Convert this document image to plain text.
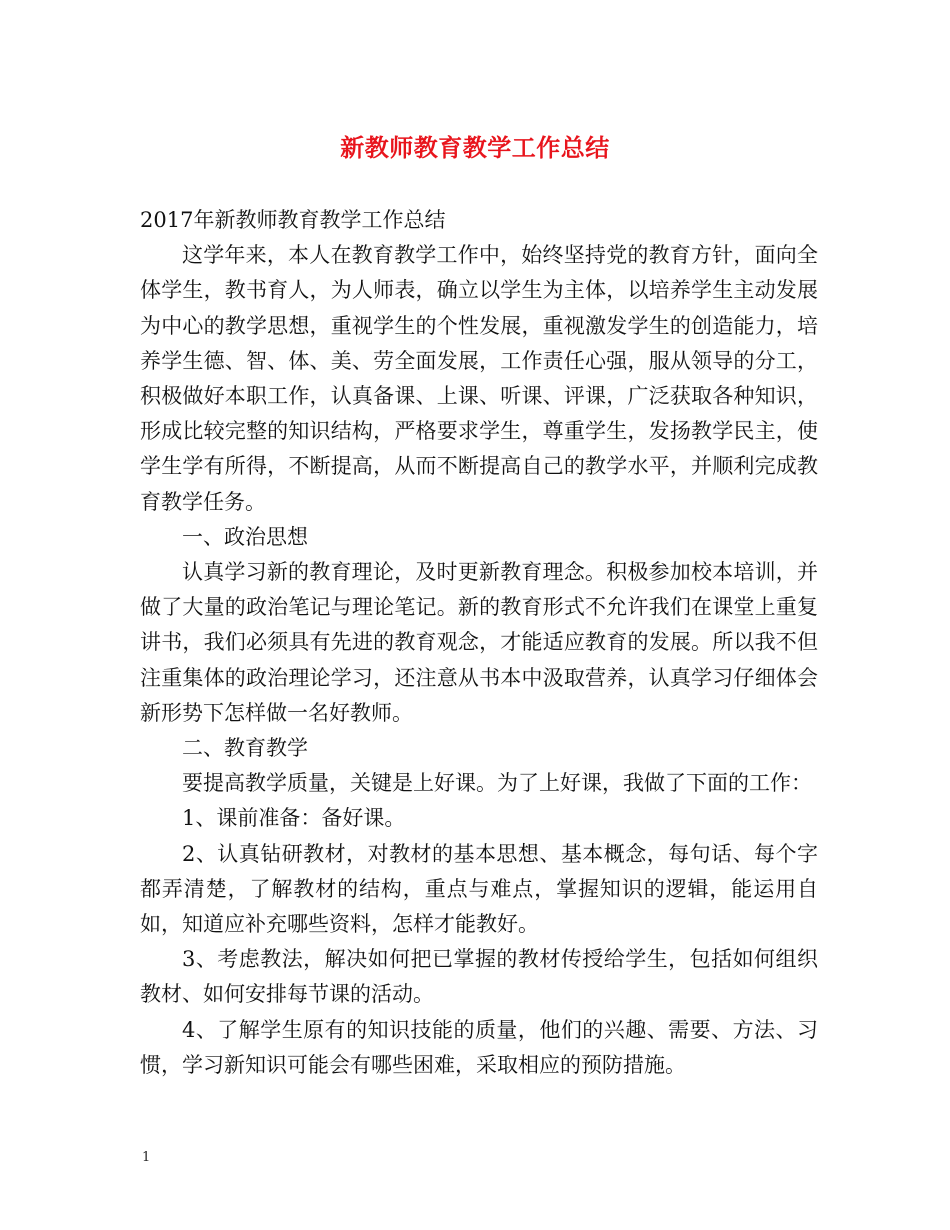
新教师教育教学工作总结

2017年新教师教育教学工作总结

这学年来，本人在教育教学工作中，始终坚持党的教育方针，面向全体学生，教书育人，为人师表，确立以学生为主体，以培养学生主动发展为中心的教学思想，重视学生的个性发展，重视激发学生的创造能力，培养学生德、智、体、美、劳全面发展，工作责任心强，服从领导的分工，积极做好本职工作，认真备课、上课、听课、评课，广泛获取各种知识，形成比较完整的知识结构，严格要求学生，尊重学生，发扬教学民主，使学生学有所得，不断提高，从而不断提高自己的教学水平，并顺利完成教育教学任务。

一、政治思想

认真学习新的教育理论，及时更新教育理念。积极参加校本培训，并做了大量的政治笔记与理论笔记。新的教育形式不允许我们在课堂上重复讲书，我们必须具有先进的教育观念，才能适应教育的发展。所以我不但注重集体的政治理论学习，还注意从书本中汲取营养，认真学习仔细体会新形势下怎样做一名好教师。

二、教育教学

要提高教学质量，关键是上好课。为了上好课，我做了下面的工作：

1、课前准备：备好课。

2、认真钻研教材，对教材的基本思想、基本概念，每句话、每个字都弄清楚，了解教材的结构，重点与难点，掌握知识的逻辑，能运用自如，知道应补充哪些资料，怎样才能教好。

3、考虑教法，解决如何把已掌握的教材传授给学生，包括如何组织教材、如何安排每节课的活动。

4、了解学生原有的知识技能的质量，他们的兴趣、需要、方法、习惯，学习新知识可能会有哪些困难，采取相应的预防措施。

1
